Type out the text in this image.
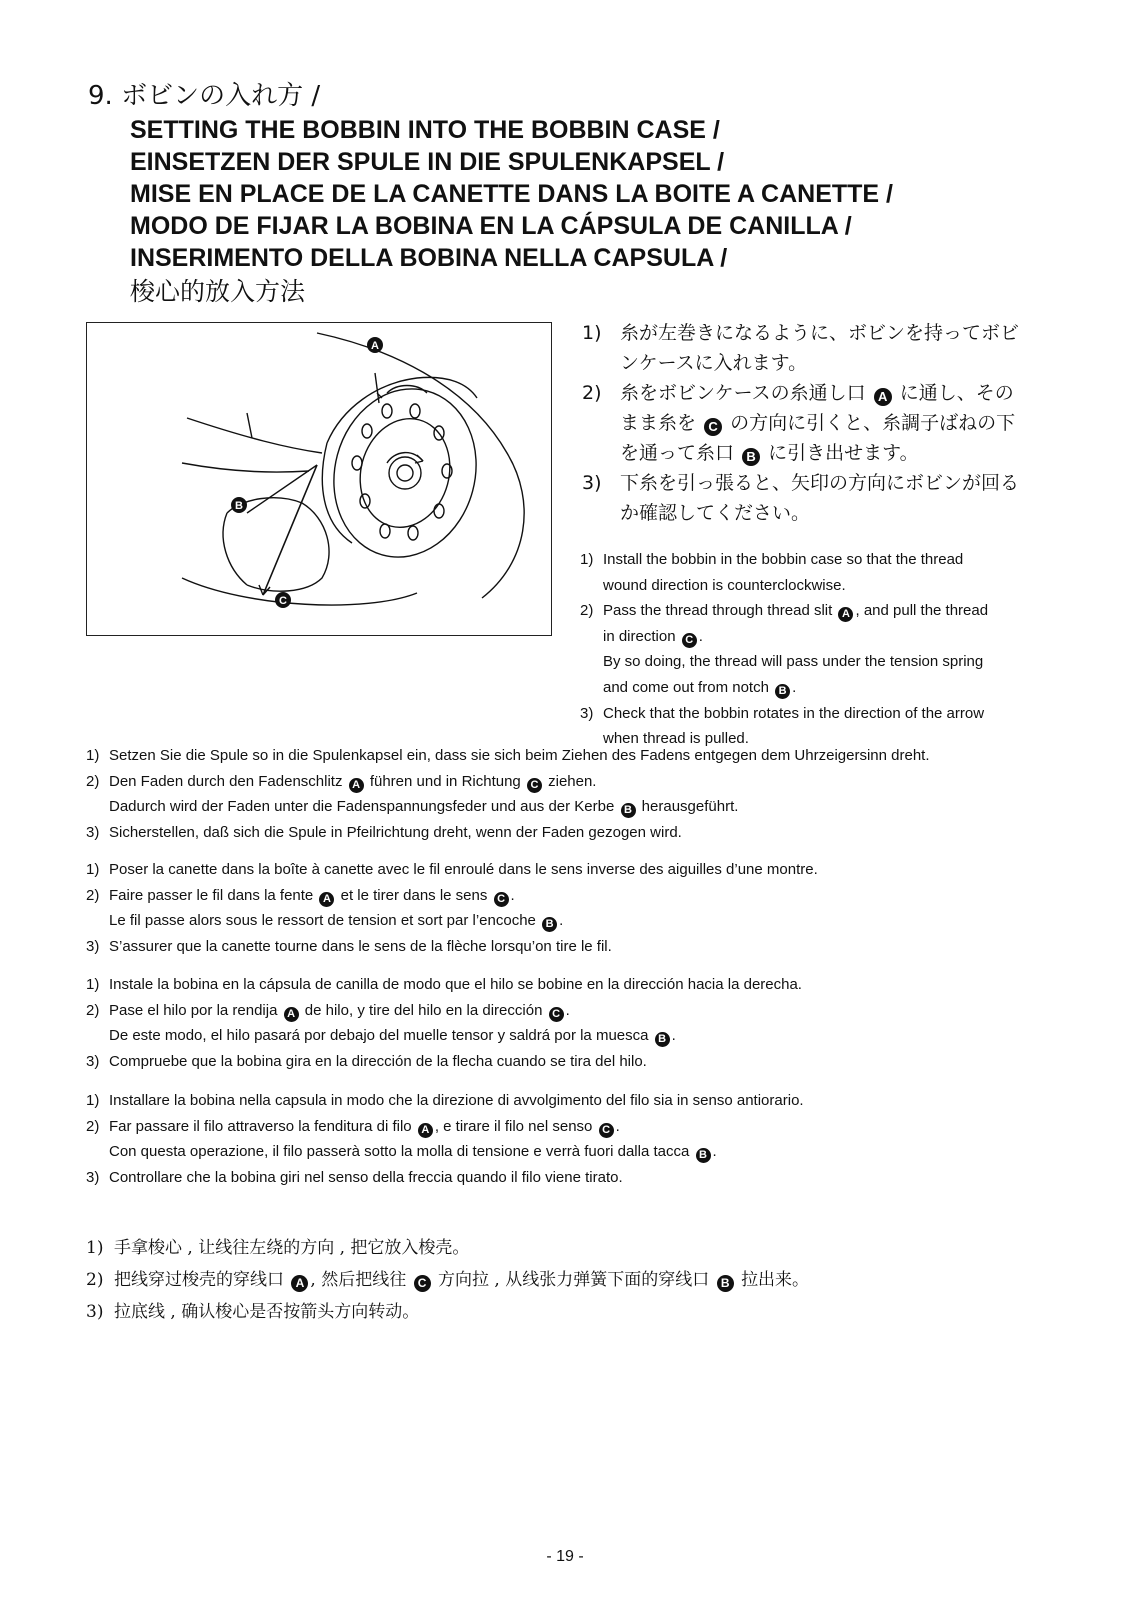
9. ボビンの入れ方 /
SETTING THE BOBBIN INTO THE BOBBIN CASE /
EINSETZEN DER SPULE IN DIE SPULENKAPSEL /
MISE EN PLACE DE LA CANETTE DANS LA BOITE A CANETTE /
MODO DE FIJAR LA BOBINA EN LA CÁPSULA DE CANILLA /
INSERIMENTO DELLA BOBINA NELLA CAPSULA /
梭心的放入方法
A
B
C
1) 糸が左巻きになるように、ボビンを持ってボビ
ンケースに入れます。
2) 糸をボビンケースの糸通し口 A に通し、その
まま糸を C の方向に引くと、糸調子ばねの下
を通って糸口 B に引き出せます。
3) 下糸を引っ張ると、矢印の方向にボビンが回る
か確認してください。
1) Install the bobbin in the bobbin case so that the thread
wound direction is counterclockwise.
2) Pass the thread through thread slit A , and pull the thread
in direction C .
By so doing, the thread will pass under the tension spring
and come out from notch B .
3) Check that the bobbin rotates in the direction of the arrow
when thread is pulled.
1) Setzen Sie die Spule so in die Spulenkapsel ein, dass sie sich beim Ziehen des Fadens entgegen dem Uhrzeigersinn dreht.
2) Den Faden durch den Fadenschlitz A führen und in Richtung C ziehen.
Dadurch wird der Faden unter die Fadenspannungsfeder und aus der Kerbe B herausgeführt.
3) Sicherstellen, daß sich die Spule in Pfeilrichtung dreht, wenn der Faden gezogen wird.
1) Poser la canette dans la boîte à canette avec le fil enroulé dans le sens inverse des aiguilles d’une montre.
2) Faire passer le fil dans la fente A et le tirer dans le sens C .
Le fil passe alors sous le ressort de tension et sort par l’encoche B .
3) S’assurer que la canette tourne dans le sens de la flèche lorsqu’on tire le fil.
1) Instale la bobina en la cápsula de canilla de modo que el hilo se bobine en la dirección hacia la derecha.
2) Pase el hilo por la rendija A de hilo, y tire del hilo en la dirección C .
De este modo, el hilo pasará por debajo del muelle tensor y saldrá por la muesca B .
3) Compruebe que la bobina gira en la dirección de la flecha cuando se tira del hilo.
1) Installare la bobina nella capsula in modo che la direzione di avvolgimento del filo sia in senso antiorario.
2) Far passare il filo attraverso la fenditura di filo A , e tirare il filo nel senso C .
Con questa operazione, il filo passerà sotto la molla di tensione e verrà fuori dalla tacca B .
3) Controllare che la bobina giri nel senso della freccia quando il filo viene tirato.
1) 手拿梭心 , 让线往左绕的方向 , 把它放入梭壳。
2) 把线穿过梭壳的穿线口 A , 然后把线往 C 方向拉 , 从线张力弹簧下面的穿线口 B 拉出来。
3) 拉底线 , 确认梭心是否按箭头方向转动。
- 19 -
